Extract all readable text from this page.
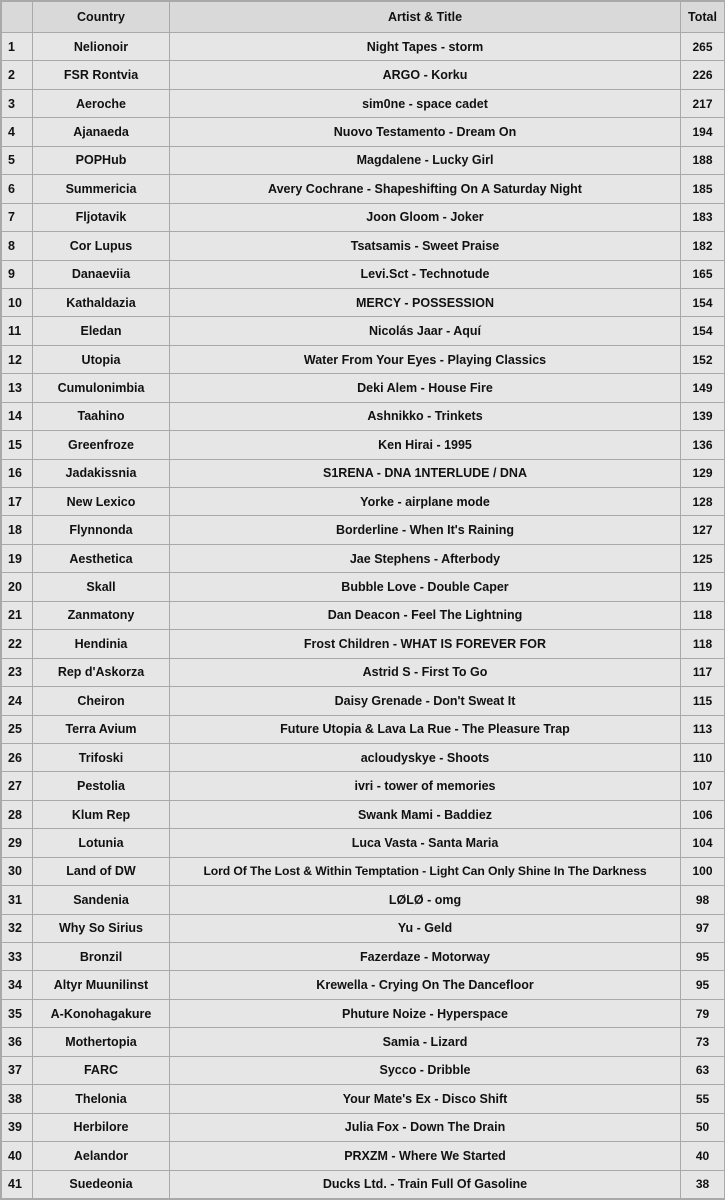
	Country	Artist & Title	Total
1	Nelionoir	Night Tapes - storm	265
2	FSR Rontvia	ARGO - Korku	226
3	Aeroche	sim0ne - space cadet	217
4	Ajanaeda	Nuovo Testamento - Dream On	194
5	POPHub	Magdalene - Lucky Girl	188
6	Summericia	Avery Cochrane - Shapeshifting On A Saturday Night	185
7	Fljotavik	Joon Gloom - Joker	183
8	Cor Lupus	Tsatsamis - Sweet Praise	182
9	Danaeviia	Levi.Sct - Technotude	165
10	Kathaldazia	MERCY - POSSESSION	154
11	Eledan	Nicolás Jaar - Aquí	154
12	Utopia	Water From Your Eyes - Playing Classics	152
13	Cumulonimbia	Deki Alem - House Fire	149
14	Taahino	Ashnikko - Trinkets	139
15	Greenfroze	Ken Hirai - 1995	136
16	Jadakissnia	S1RENA - DNA 1NTERLUDE / DNA	129
17	New Lexico	Yorke - airplane mode	128
18	Flynnonda	Borderline - When It's Raining	127
19	Aesthetica	Jae Stephens - Afterbody	125
20	Skall	Bubble Love - Double Caper	119
21	Zanmatony	Dan Deacon - Feel The Lightning	118
22	Hendinia	Frost Children - WHAT IS FOREVER FOR	118
23	Rep d'Askorza	Astrid S - First To Go	117
24	Cheiron	Daisy Grenade - Don't Sweat It	115
25	Terra Avium	Future Utopia & Lava La Rue - The Pleasure Trap	113
26	Trifoski	acloudyskye - Shoots	110
27	Pestolia	ivri - tower of memories	107
28	Klum Rep	Swank Mami - Baddiez	106
29	Lotunia	Luca Vasta - Santa Maria	104
30	Land of DW	Lord Of The Lost & Within Temptation - Light Can Only Shine In The Darkness	100
31	Sandenia	LØLØ - omg	98
32	Why So Sirius	Yu - Geld	97
33	Bronzil	Fazerdaze - Motorway	95
34	Altyr Muunilinst	Krewella - Crying On The Dancefloor	95
35	A-Konohagakure	Phuture Noize - Hyperspace	79
36	Mothertopia	Samia - Lizard	73
37	FARC	Sycco - Dribble	63
38	Thelonia	Your Mate's Ex - Disco Shift	55
39	Herbilore	Julia Fox - Down The Drain	50
40	Aelandor	PRXZM - Where We Started	40
41	Suedeonia	Ducks Ltd. - Train Full Of Gasoline	38
